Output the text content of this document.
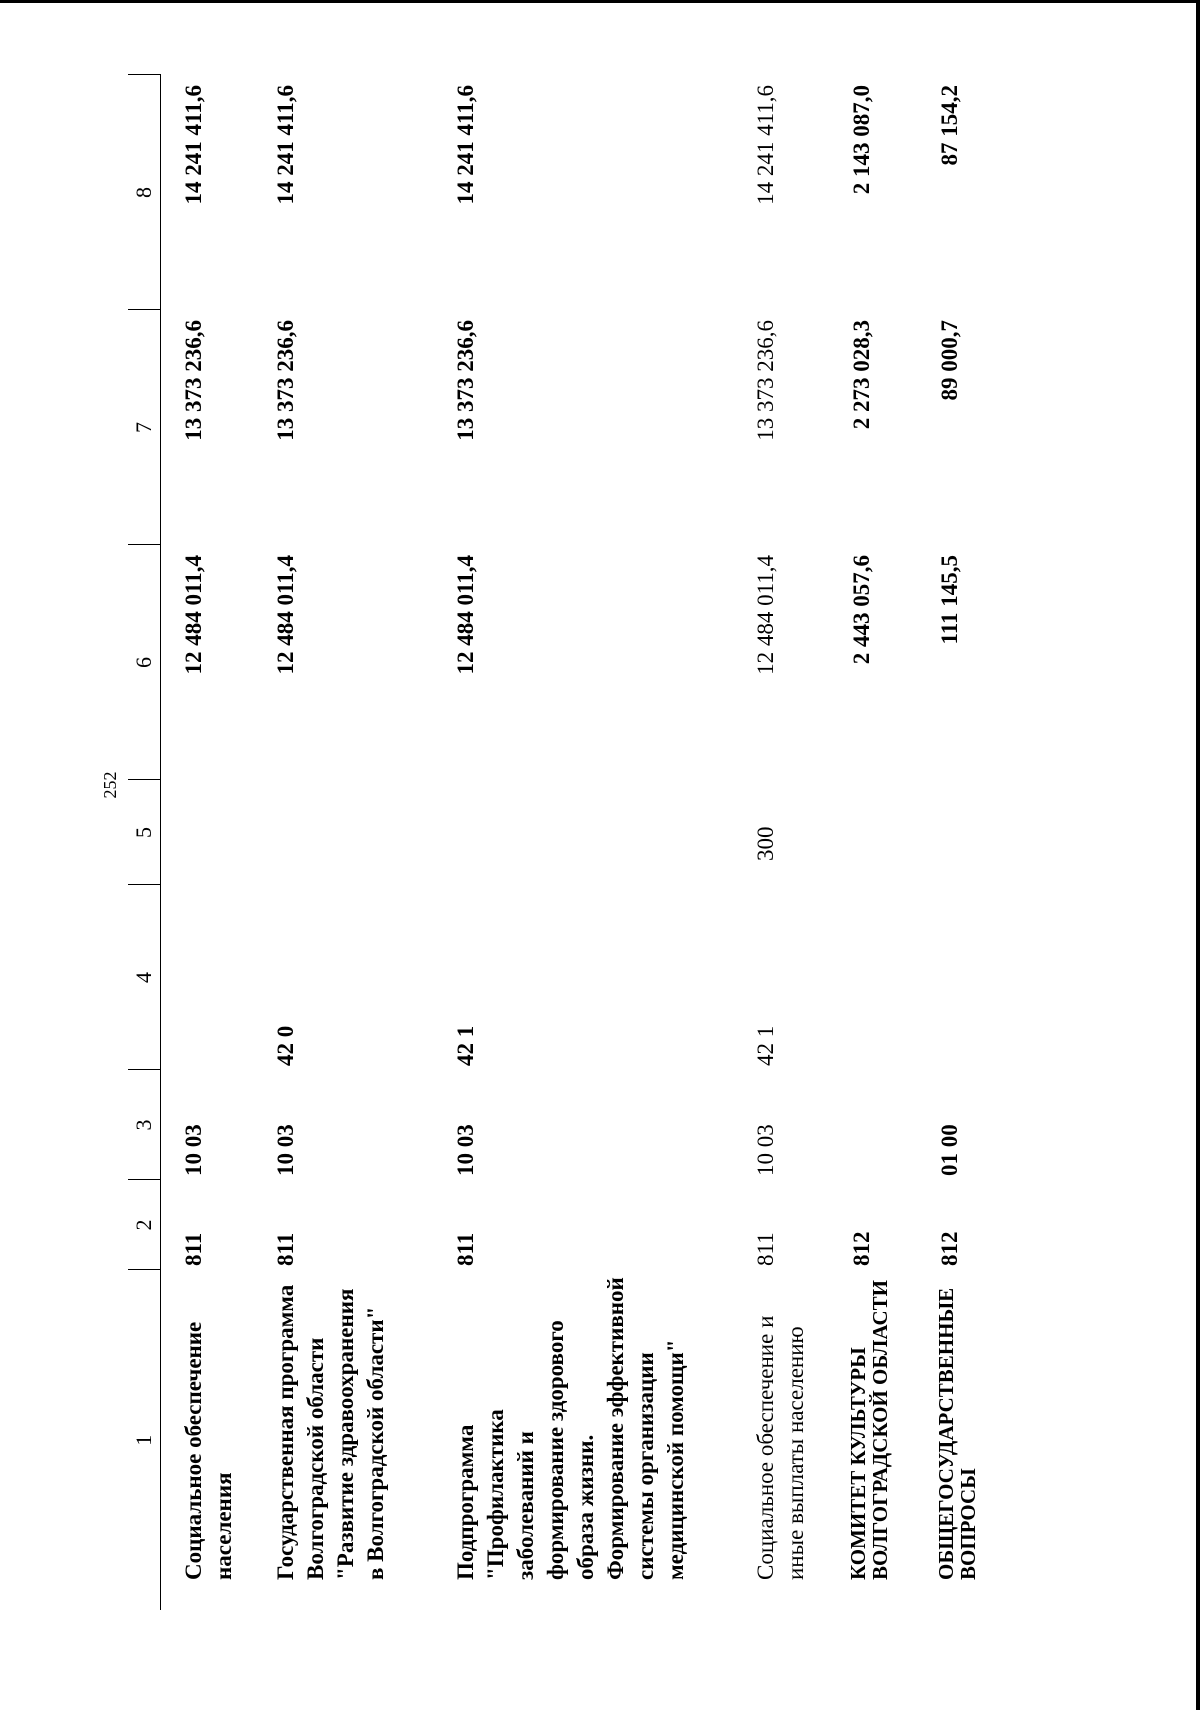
252
1	2	3	4	5	6	7	8
Социальное обеспечение населения	811	10 03			12 484 011,4	13 373 236,6	14 241 411,6
Государственная программа Волгоградской области "Развитие здравоохранения в Волгоградской области"	811	10 03	42 0		12 484 011,4	13 373 236,6	14 241 411,6
Подпрограмма "Профилактика заболеваний и формирование здорового образа жизни. Формирование эффективной системы организации медицинской помощи"	811	10 03	42 1		12 484 011,4	13 373 236,6	14 241 411,6
Социальное обеспечение и иные выплаты населению	811	10 03	42 1	300	12 484 011,4	13 373 236,6	14 241 411,6
КОМИТЕТ КУЛЬТУРЫ ВОЛГОГРАДСКОЙ ОБЛАСТИ	812				2 443 057,6	2 273 028,3	2 143 087,0
ОБЩЕГОСУДАРСТВЕННЫЕ ВОПРОСЫ	812	01 00			111 145,5	89 000,7	87 154,2
